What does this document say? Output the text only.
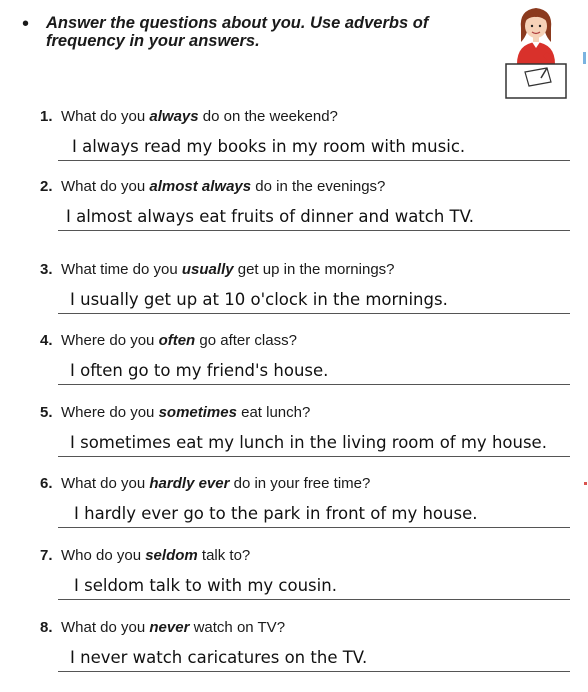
• Answer the questions about you. Use adverbs of frequency in your answers.
1. What do you always do on the weekend?
I always read my books in my room with music.
2. What do you almost always do in the evenings?
I almost always eat fruits of dinner and watch TV.
3. What time do you usually get up in the mornings?
I usually get up at 10 o'clock in the mornings.
4. Where do you often go after class?
I often go to my friend's house.
5. Where do you sometimes eat lunch?
I sometimes eat my lunch in the living room of my house.
6. What do you hardly ever do in your free time?
I hardly ever go to the park in front of my house.
7. Who do you seldom talk to?
I seldom talk to with my cousin.
8. What do you never watch on TV?
I never watch caricatures on the TV.
